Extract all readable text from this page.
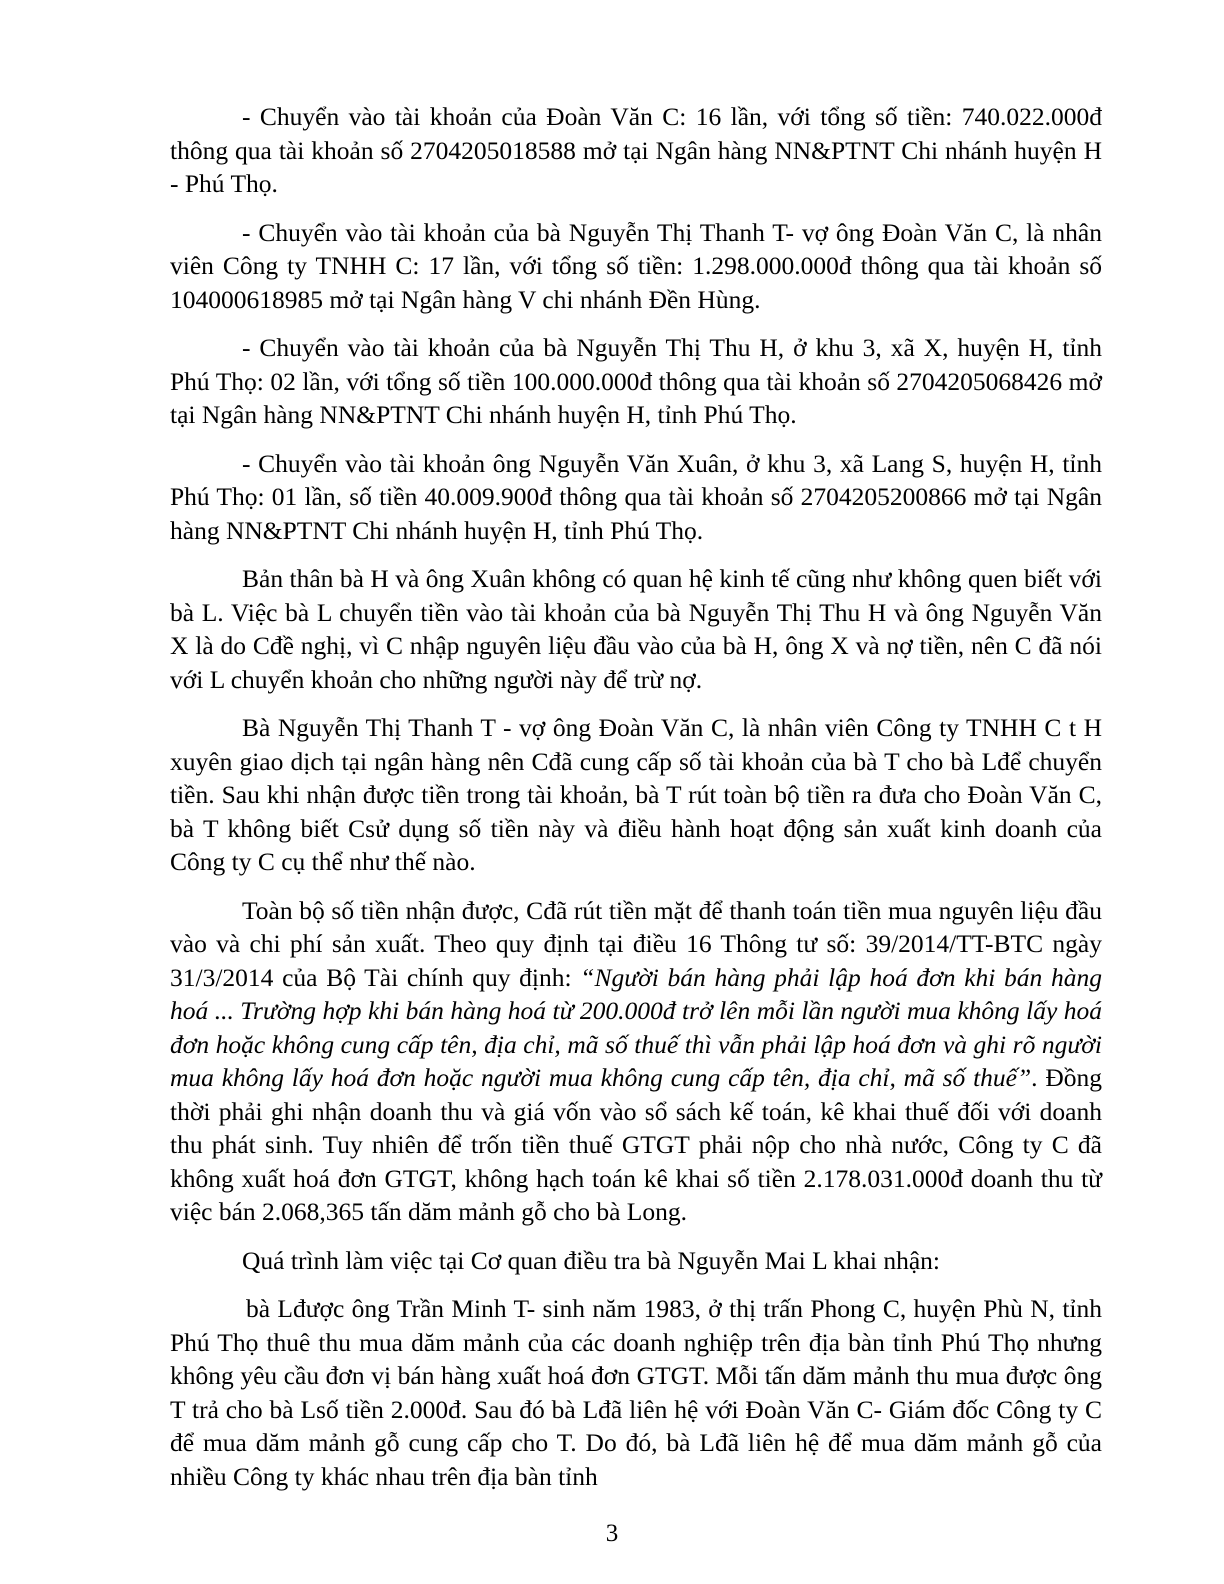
- Chuyển vào tài khoản của Đoàn Văn C: 16 lần, với tổng số tiền: 740.022.000đ thông qua tài khoản số 2704205018588 mở tại Ngân hàng NN&PTNT Chi nhánh huyện H - Phú Thọ.

- Chuyển vào tài khoản của bà Nguyễn Thị Thanh T- vợ ông Đoàn Văn C, là nhân viên Công ty TNHH C: 17 lần, với tổng số tiền: 1.298.000.000đ thông qua tài khoản số 104000618985 mở tại Ngân hàng V chi nhánh Đền Hùng.

- Chuyển vào tài khoản của bà Nguyễn Thị Thu H, ở khu 3, xã X, huyện H, tỉnh Phú Thọ: 02 lần, với tổng số tiền 100.000.000đ thông qua tài khoản số 2704205068426 mở tại Ngân hàng NN&PTNT Chi nhánh huyện H, tỉnh Phú Thọ.

- Chuyển vào tài khoản ông Nguyễn Văn Xuân, ở khu 3, xã Lang S, huyện H, tỉnh Phú Thọ: 01 lần, số tiền 40.009.900đ thông qua tài khoản số 2704205200866 mở tại Ngân hàng NN&PTNT Chi nhánh huyện H, tỉnh Phú Thọ.

Bản thân bà H và ông Xuân không có quan hệ kinh tế cũng như không quen biết với bà L. Việc bà L chuyển tiền vào tài khoản của bà Nguyễn Thị Thu H và ông Nguyễn Văn X là do Cđề nghị, vì C nhập nguyên liệu đầu vào của bà H, ông X và nợ tiền, nên C đã nói với L chuyển khoản cho những người này để trừ nợ.

Bà Nguyễn Thị Thanh T - vợ ông Đoàn Văn C, là nhân viên Công ty TNHH C t H xuyên giao dịch tại ngân hàng nên Cđã cung cấp số tài khoản của bà T cho bà Lđể chuyển tiền. Sau khi nhận được tiền trong tài khoản, bà T rút toàn bộ tiền ra đưa cho Đoàn Văn C, bà T không biết Csử dụng số tiền này và điều hành hoạt động sản xuất kinh doanh của Công ty C cụ thể như thế nào.

Toàn bộ số tiền nhận được, Cđã rút tiền mặt để thanh toán tiền mua nguyên liệu đầu vào và chi phí sản xuất. Theo quy định tại điều 16 Thông tư số: 39/2014/TT-BTC ngày 31/3/2014 của Bộ Tài chính quy định: “Người bán hàng phải lập hoá đơn khi bán hàng hoá ... Trường hợp khi bán hàng hoá từ 200.000đ trở lên mỗi lần người mua không lấy hoá đơn hoặc không cung cấp tên, địa chỉ, mã số thuế thì vẫn phải lập hoá đơn và ghi rõ người mua không lấy hoá đơn hoặc người mua không cung cấp tên, địa chỉ, mã số thuế”. Đồng thời phải ghi nhận doanh thu và giá vốn vào sổ sách kế toán, kê khai thuế đối với doanh thu phát sinh. Tuy nhiên để trốn tiền thuế GTGT phải nộp cho nhà nước, Công ty C đã không xuất hoá đơn GTGT, không hạch toán kê khai số tiền 2.178.031.000đ doanh thu từ việc bán 2.068,365 tấn dăm mảnh gỗ cho bà Long.

Quá trình làm việc tại Cơ quan điều tra bà Nguyễn Mai L khai nhận:

bà Lđược ông Trần Minh T- sinh năm 1983, ở thị trấn Phong C, huyện Phù N, tỉnh Phú Thọ thuê thu mua dăm mảnh của các doanh nghiệp trên địa bàn tỉnh Phú Thọ nhưng không yêu cầu đơn vị bán hàng xuất hoá đơn GTGT. Mỗi tấn dăm mảnh thu mua được ông T trả cho bà Lsố tiền 2.000đ. Sau đó bà Lđã liên hệ với Đoàn Văn C- Giám đốc Công ty C để mua dăm mảnh gỗ cung cấp cho T. Do đó, bà Lđã liên hệ để mua dăm mảnh gỗ của nhiều Công ty khác nhau trên địa bàn tỉnh

3
